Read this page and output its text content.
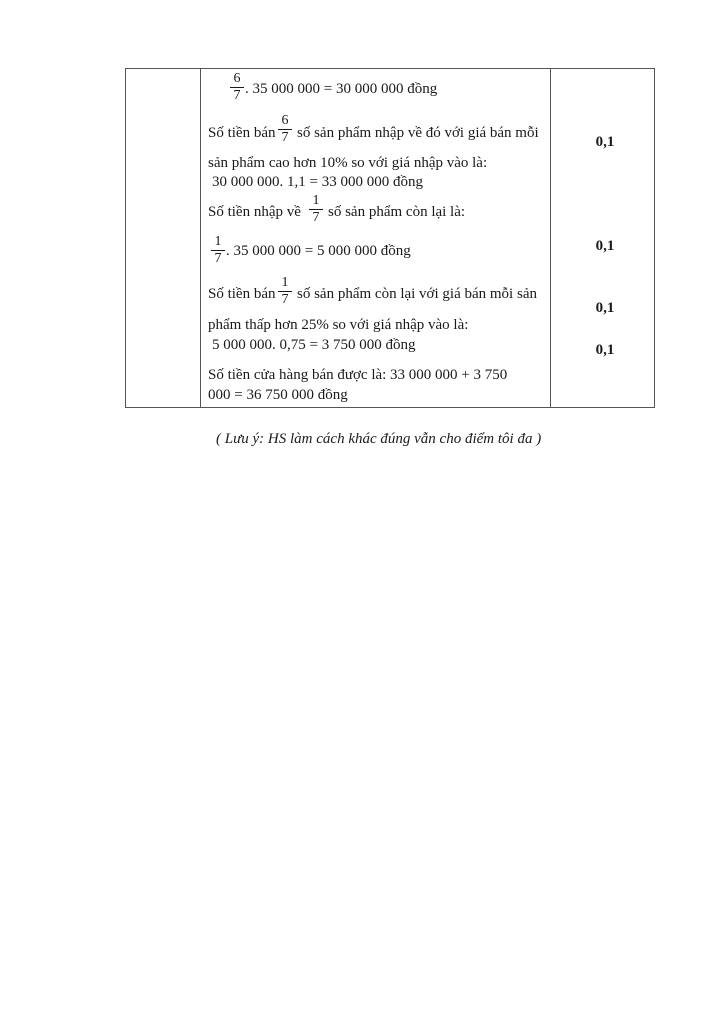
6
7 . 35 000 000 = 30 000 000 đồng
Số tiền bán
6
7 số sản phẩm nhập về đó với giá bán mỗi
sản phẩm cao hơn 10% so với giá nhập vào là:
30 000 000. 1,1 = 33 000 000 đồng
Số tiền nhập về
1
7 số sản phẩm còn lại là:
1
7 . 35 000 000 = 5 000 000 đồng
Số tiền bán
1
7 số sản phẩm còn lại với giá bán mỗi sản
phẩm thấp hơn 25% so với giá nhập vào là:
5 000 000. 0,75 = 3 750 000 đồng
Số tiền cửa hàng bán được là: 33 000 000 + 3 750
000 = 36 750 000 đồng
0,1
0,1
0,1
0,1
( Lưu ý: HS làm cách khác đúng vẫn cho điểm tôi đa )
